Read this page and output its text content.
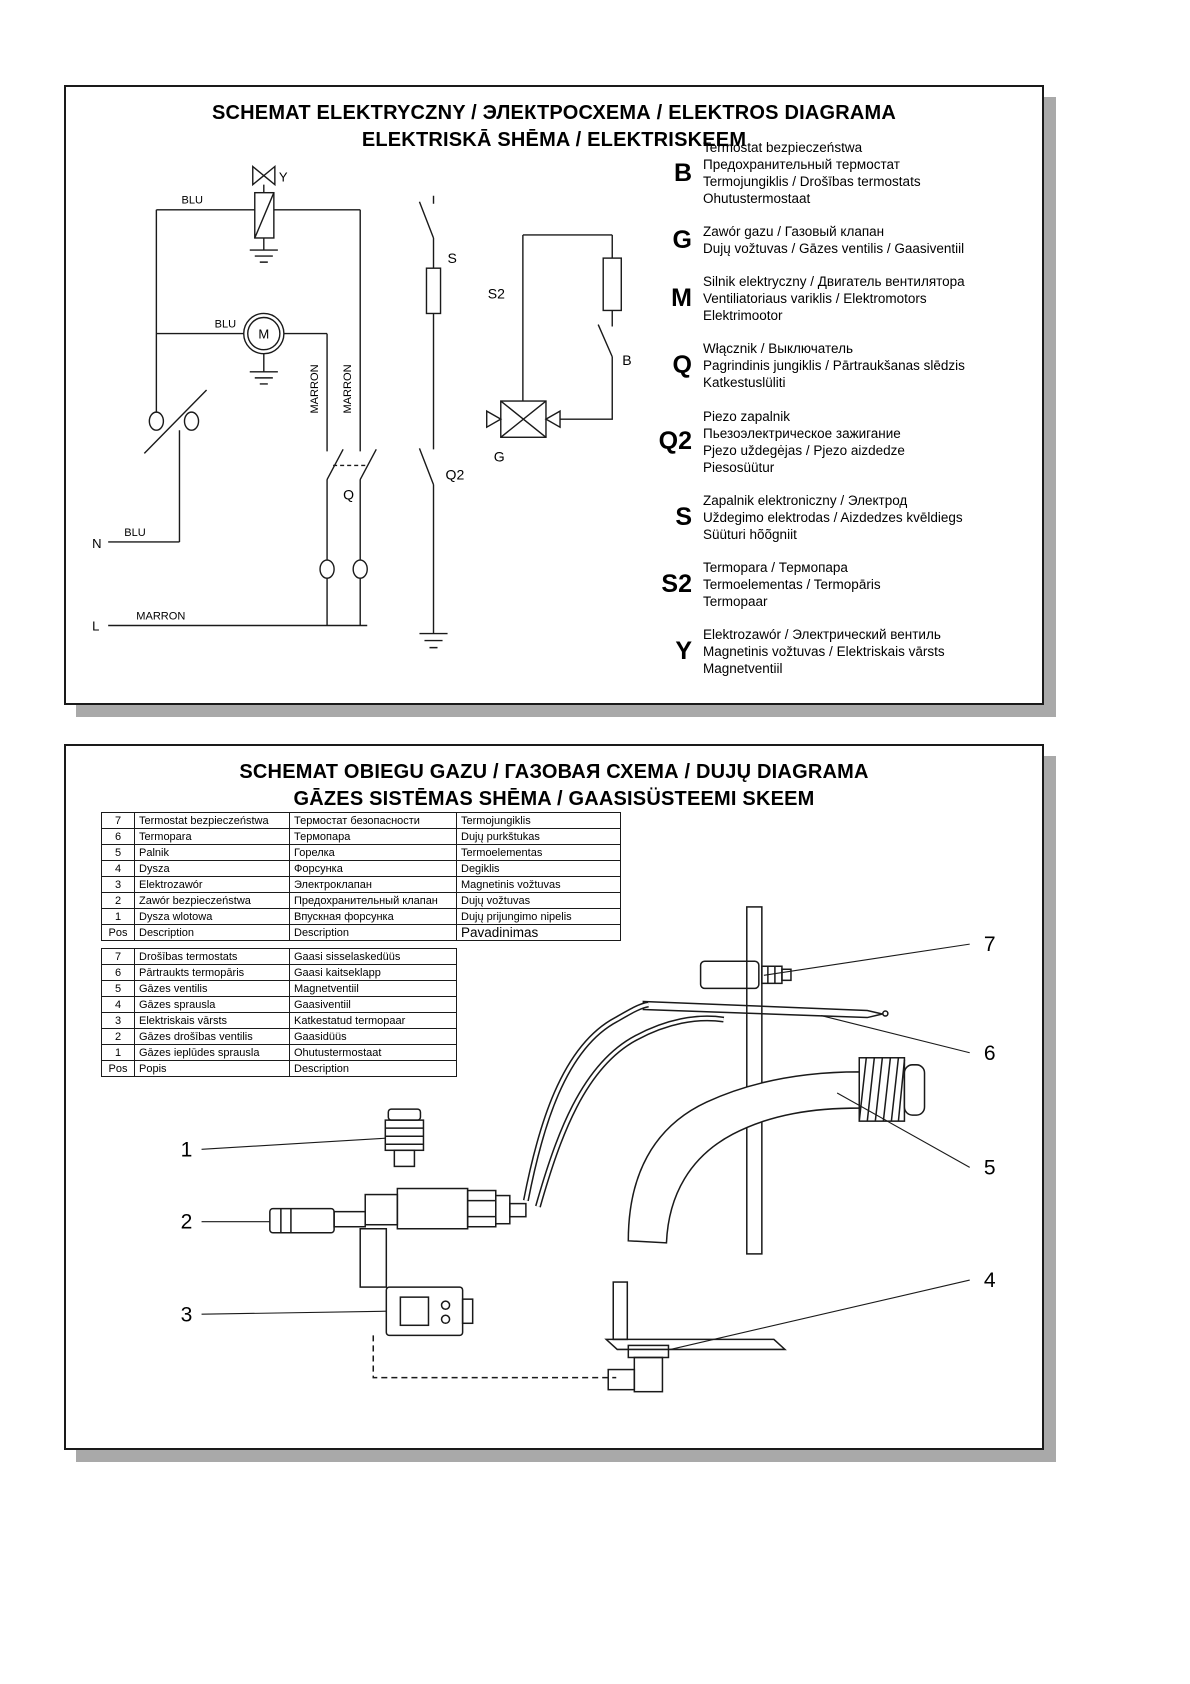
SCHEMAT ELEKTRYCZNY / ЭЛЕКТРОСХЕМА / ELEKTROS DIAGRAMA
ELEKTRISKĀ SHĒMA / ELEKTRISKEEM
BLU
BLU
BLU
MARRON MARRON
MARRON
N
L
Y
M
S
S2
B
G
Q
Q2
B
Termostat bezpieczeństwa
Предохранительный термостат
Termojungiklis / Drošības termostats
Ohutustermostaat
G Zawór gazu / Газовый клапан
Dujų vožtuvas / Gāzes ventilis / Gaasiventiil
M
Silnik elektryczny / Двигатель вентилятора
Ventiliatoriaus variklis / Elektromotors
Elektrimootor
Q
Włącznik / Выключатель
Pagrindinis jungiklis / Pārtraukšanas slēdzis
Katkestuslüliti
Q2
Piezo zapalnik
Пьезоэлектрическое зажигание
Pjezo uždegėjas / Pjezo aizdedze
Piesosüütur
S
Zapalnik elektroniczny / Электрод
Uždegimo elektrodas / Aizdedzes kvēldiegs
Süüturi hõõgniit
S2
Termopara / Термопара
Termoelementas / Termopāris
Termopaar
Y
Elektrozawór / Электрический вентиль
Magnetinis vožtuvas / Elektriskais vārsts
Magnetventiil
SCHEMAT OBIEGU GAZU / ГАЗОВАЯ СХЕМА / DUJŲ DIAGRAMA
GĀZES SISTĒMAS SHĒMA / GAASISÜSTEEMI SKEEM
7	Termostat bezpieczeństwa	Термостат безопасности	Termojungiklis
6	Termopara	Термопара	Dujų purkštukas
5	Palnik	Горелка	Termoelementas
4	Dysza	Форсунка	Degiklis
3	Elektrozawór	Электроклапан	Magnetinis vožtuvas
2	Zawór bezpieczeństwa	Предохранительный клапан	Dujų vožtuvas
1	Dysza wlotowa	Впускная форсунка	Dujų prijungimo nipelis
Pos	Description	Description	Pavadinimas
7	Drošības termostats	Gaasi sisselaskedüüs
6	Pārtraukts termopāris	Gaasi kaitseklapp
5	Gāzes ventilis	Magnetventiil
4	Gāzes sprausla	Gaasiventiil
3	Elektriskais vārsts	Katkestatud termopaar
2	Gāzes drošības ventilis	Gaasidüüs
1	Gāzes ieplūdes sprausla	Ohutustermostaat
Pos	Popis	Description
7
6
5
4
1
2
3
